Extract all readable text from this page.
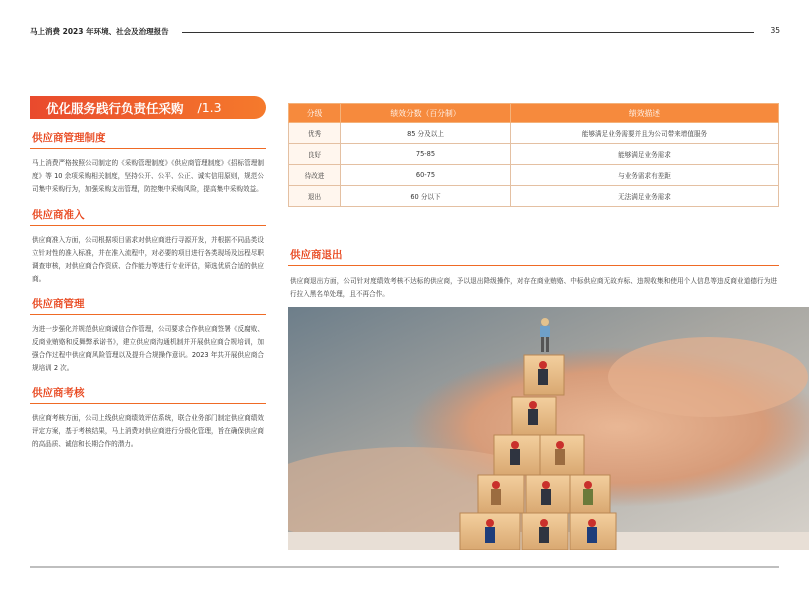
马上消费 2023 年环境、社会及治理报告	35
优化服务践行负责任采购 /1.3
供应商管理制度
马上消费严格按照公司制定的《采购管理制度》《供应商管理制度》《招标管理制度》等 10 余项采购相关制度，坚持公开、公平、公正、诚实信用原则，规范公司集中采购行为，加强采购支出管理，防控集中采购风险，提高集中采购效益。
供应商准入
供应商准入方面，公司根据项目需求对供应商进行寻源开发，并根据不同品类设立针对性的准入标准，并在准入流程中，对必要的项目进行各类现场及远程尽职调查审核，对供应商合作资质、合作能力等进行专业评估，筛选优质合适的供应商。
供应商管理
为进一步强化并规范供应商诚信合作管理，公司要求合作供应商签署《反腐败、反商业贿赂和反舞弊承诺书》，建立供应商沟通机制并开展供应商合规培训，加强合作过程中供应商风险管理以及提升合规操作意识。2023 年共开展供应商合规培训 2 次。
供应商考核
供应商考核方面，公司上线供应商绩效评估系统，联合业务部门制定供应商绩效评定方案，基于考核结果，马上消费对供应商进行分级化管理，旨在确保供应商的高品质、诚信和长期合作的潜力。
分级	绩效分数（百分制）	绩效描述
优秀	85 分及以上	能够满足业务需要并且为公司带来增值服务
良好	75-85	能够满足业务需求
待改进	60-75	与业务需求有差距
退出	60 分以下	无法满足业务需求
供应商退出
供应商退出方面，公司针对度绩效考核不达标的供应商，予以退出降级操作，对存在商业贿赂、中标供应商无故弃标、违规收集和使用个人信息等违反商业道德行为进行拉入黑名单处理，且不再合作。
